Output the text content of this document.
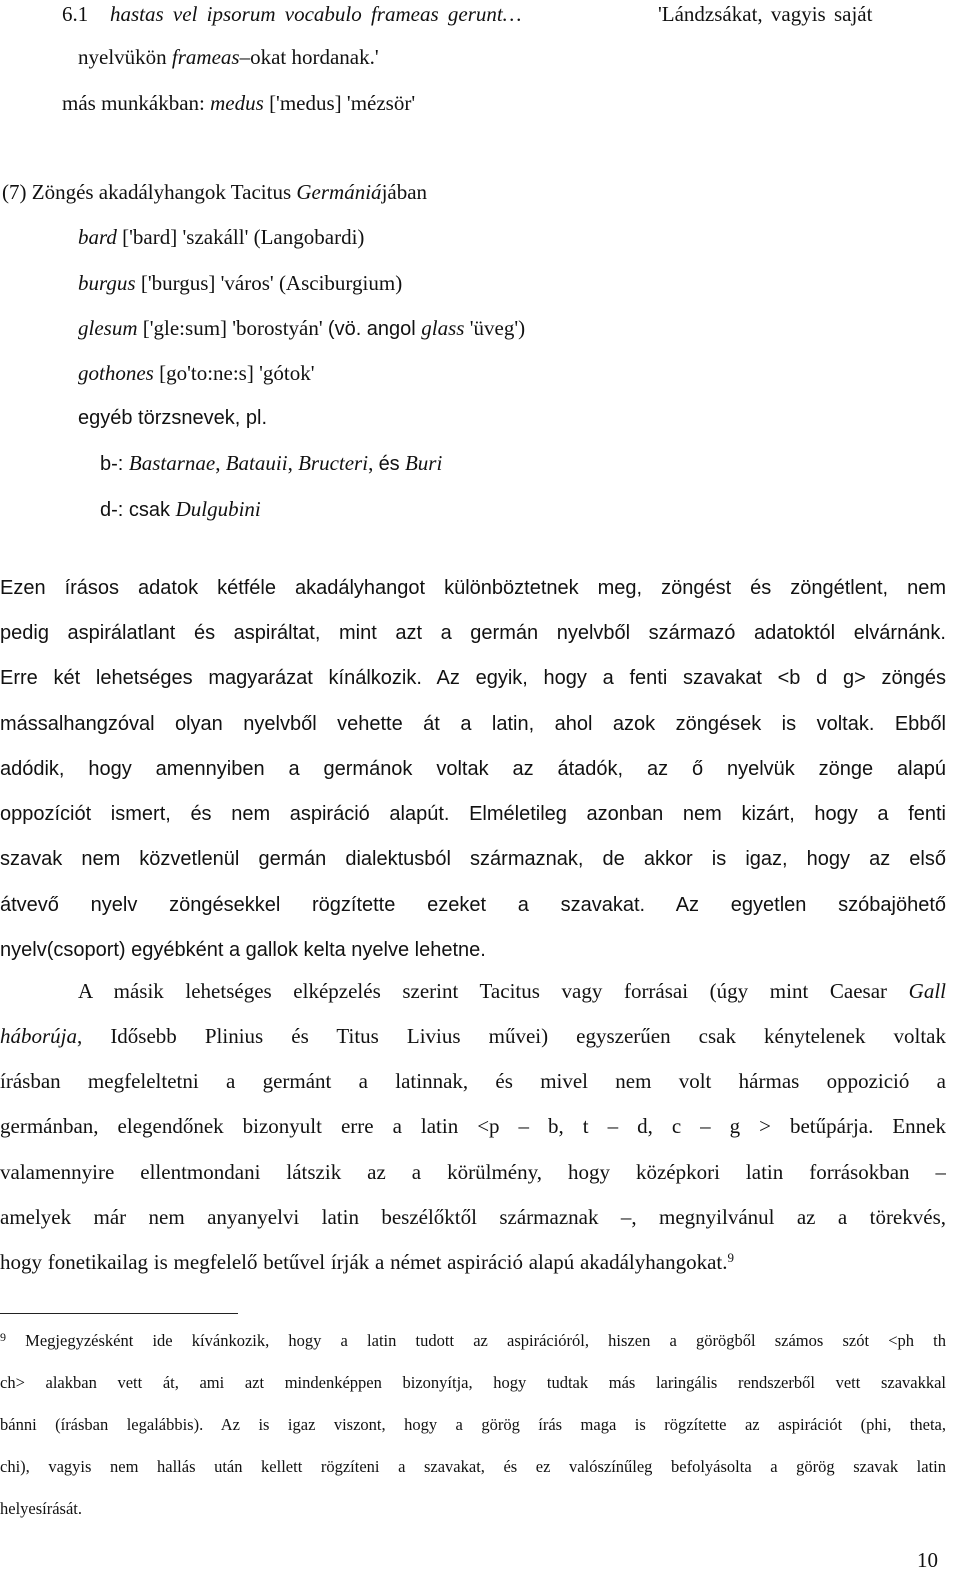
6.1 hastas vel ipsorum vocabulo frameas gerunt…	'Lándzsákat, vagyis saját
nyelvükön frameas–okat hordanak.'
más munkákban: medus ['medus] 'mézsör'
(7) Zöngés akadályhangok Tacitus Germániájában
bard ['bard] 'szakáll' (Langobardi)
burgus ['burgus] 'város' (Asciburgium)
glesum ['gle:sum] 'borostyán' (vö. angol glass 'üveg')
gothones [go'to:ne:s] 'gótok'
egyéb törzsnevek, pl.
b-: Bastarnae, Batauii, Bructeri, és Buri
d-: csak Dulgubini
Ezen írásos adatok kétféle akadályhangot különböztetnek meg, zöngést és zöngétlent, nem
pedig aspirálatlant és aspiráltat, mint azt a germán nyelvből származó adatoktól elvárnánk.
Erre két lehetséges magyarázat kínálkozik. Az egyik, hogy a fenti szavakat <b d g> zöngés
mássalhangzóval olyan nyelvből vehette át a latin, ahol azok zöngések is voltak. Ebből
adódik, hogy amennyiben a germánok voltak az átadók, az ő nyelvük zönge alapú
oppozíciót ismert, és nem aspiráció alapút. Elméletileg azonban nem kizárt, hogy a fenti
szavak nem közvetlenül germán dialektusból származnak, de akkor is igaz, hogy az első
átvevő nyelv zöngésekkel rögzítette ezeket a szavakat. Az egyetlen szóbajöhető
nyelv(csoport) egyébként a gallok kelta nyelve lehetne.
A másik lehetséges elképzelés szerint Tacitus vagy forrásai (úgy mint Caesar Gall
háborúja, Idősebb Plinius és Titus Livius művei) egyszerűen csak kénytelenek voltak
írásban megfeleltetni a germánt a latinnak, és mivel nem volt hármas oppozició a
germánban, elegendőnek bizonyult erre a latin <p – b, t – d, c – g > betűpárja. Ennek
valamennyire ellentmondani látszik az a körülmény, hogy középkori latin forrásokban –
amelyek már nem anyanyelvi latin beszélőktől származnak –, megnyilvánul az a törekvés,
hogy fonetikailag is megfelelő betűvel írják a német aspiráció alapú akadályhangokat.$^9$
$^9$ Megjegyzésként ide kívánkozik, hogy a latin tudott az aspirációról, hiszen a görögből számos szót <ph th
ch> alakban vett át, ami azt mindenképpen bizonyítja, hogy tudtak más laringális rendszerből vett szavakkal
bánni (írásban legalábbis). Az is igaz viszont, hogy a görög írás maga is rögzítette az aspirációt (phi, theta,
chi), vagyis nem hallás után kellett rögzíteni a szavakat, és ez valószínűleg befolyásolta a görög szavak latin
helyesírását.
10
